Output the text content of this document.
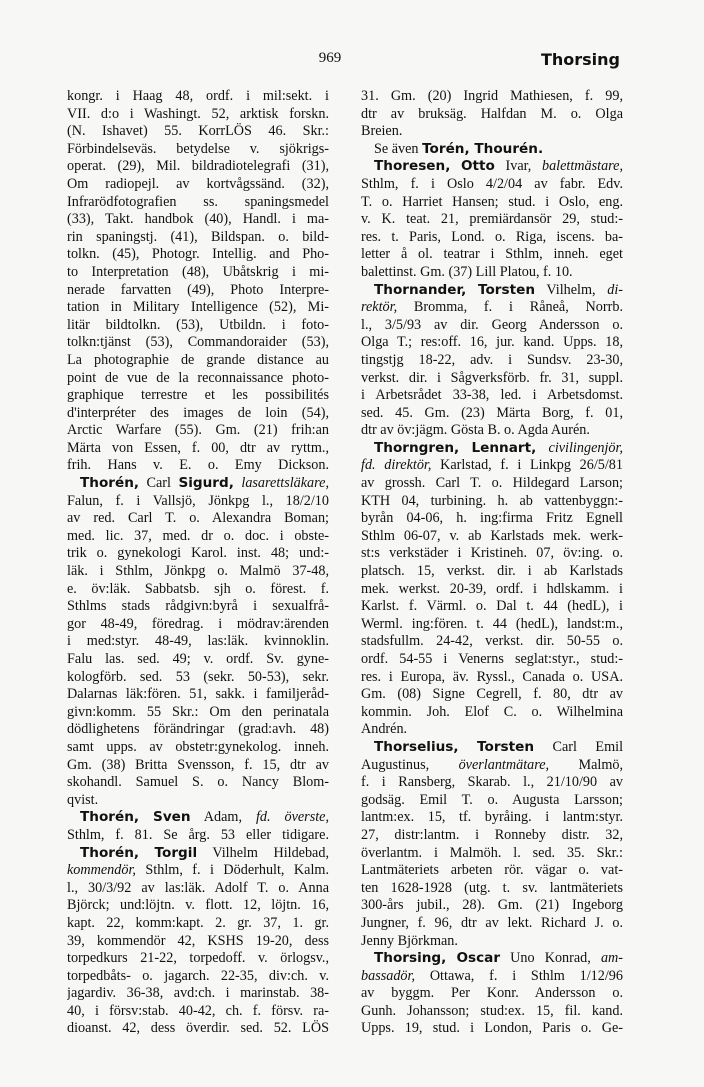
969	Thorsing
kongr. i Haag 48, ordf. i mil:sekt. i
VII. d:o i Washingt. 52, arktisk forskn.
(N. Ishavet) 55. KorrLÖS 46. Skr.:
Förbindelseväs. betydelse v. sjökrigs-
operat. (29), Mil. bildradiotelegrafi (31),
Om radiopejl. av kortvågssänd. (32),
Infrarödfotografien ss. spaningsmedel
(33), Takt. handbok (40), Handl. i ma-
rin spaningstj. (41), Bildspan. o. bild-
tolkn. (45), Photogr. Intellig. and Pho-
to Interpretation (48), Ubåtskrig i mi-
nerade farvatten (49), Photo Interpre-
tation in Military Intelligence (52), Mi-
litär bildtolkn. (53), Utbildn. i foto-
tolkn:tjänst (53), Commandoraider (53),
La photographie de grande distance au
point de vue de la reconnaissance photo-
graphique terrestre et les possibilités
d'interpréter des images de loin (54),
Arctic Warfare (55). Gm. (21) frih:an
Märta von Essen, f. 00, dtr av ryttm.,
frih. Hans v. E. o. Emy Dickson.
Thorén, Carl Sigurd, lasarettsläkare,
Falun, f. i Vallsjö, Jönkpg l., 18/2/10
av red. Carl T. o. Alexandra Boman;
med. lic. 37, med. dr o. doc. i obste-
trik o. gynekologi Karol. inst. 48; und:-
läk. i Sthlm, Jönkpg o. Malmö 37-48,
e. öv:läk. Sabbatsb. sjh o. förest. f.
Sthlms stads rådgivn:byrå i sexualfrå-
gor 48-49, föredrag. i mödrav:ärenden
i med:styr. 48-49, las:läk. kvinnoklin.
Falu las. sed. 49; v. ordf. Sv. gyne-
kologförb. sed. 53 (sekr. 50-53), sekr.
Dalarnas läk:fören. 51, sakk. i familjeråd-
givn:komm. 55 Skr.: Om den perinatala
dödlighetens förändringar (grad:avh. 48)
samt upps. av obstetr:gynekolog. inneh.
Gm. (38) Britta Svensson, f. 15, dtr av
skohandl. Samuel S. o. Nancy Blom-
qvist.
Thorén, Sven Adam, fd. överste,
Sthlm, f. 81. Se årg. 53 eller tidigare.
Thorén, Torgil Vilhelm Hildebad,
kommendör, Sthlm, f. i Döderhult, Kalm.
l., 30/3/92 av las:läk. Adolf T. o. Anna
Björck; und:löjtn. v. flott. 12, löjtn. 16,
kapt. 22, komm:kapt. 2. gr. 37, 1. gr.
39, kommendör 42, KSHS 19-20, dess
torpedkurs 21-22, torpedoff. v. örlogsv.,
torpedbåts- o. jagarch. 22-35, div:ch. v.
jagardiv. 36-38, avd:ch. i marinstab. 38-
40, i försv:stab. 40-42, ch. f. försv. ra-
dioanst. 42, dess överdir. sed. 52. LÖS
31. Gm. (20) Ingrid Mathiesen, f. 99,
dtr av bruksäg. Halfdan M. o. Olga
Breien.
Se även Torén, Thourén.
Thoresen, Otto Ivar, balettmästare,
Sthlm, f. i Oslo 4/2/04 av fabr. Edv.
T. o. Harriet Hansen; stud. i Oslo, eng.
v. K. teat. 21, premiärdansör 29, stud:-
res. t. Paris, Lond. o. Riga, iscens. ba-
letter å ol. teatrar i Sthlm, inneh. eget
balettinst. Gm. (37) Lill Platou, f. 10.
Thornander, Torsten Vilhelm, di-
rektör, Bromma, f. i Råneå, Norrb.
l., 3/5/93 av dir. Georg Andersson o.
Olga T.; res:off. 16, jur. kand. Upps. 18,
tingstjg 18-22, adv. i Sundsv. 23-30,
verkst. dir. i Sågverksförb. fr. 31, suppl.
i Arbetsrådet 33-38, led. i Arbetsdomst.
sed. 45. Gm. (23) Märta Borg, f. 01,
dtr av öv:jägm. Gösta B. o. Agda Aurén.
Thorngren, Lennart, civilingenjör,
fd. direktör, Karlstad, f. i Linkpg 26/5/81
av grossh. Carl T. o. Hildegard Larson;
KTH 04, turbining. h. ab vattenbyggn:-
byrån 04-06, h. ing:firma Fritz Egnell
Sthlm 06-07, v. ab Karlstads mek. werk-
st:s verkstäder i Kristineh. 07, öv:ing. o.
platsch. 15, verkst. dir. i ab Karlstads
mek. werkst. 20-39, ordf. i hdlskamm. i
Karlst. f. Värml. o. Dal t. 44 (hedL), i
Werml. ing:fören. t. 44 (hedL), landst:m.,
stadsfullm. 24-42, verkst. dir. 50-55 o.
ordf. 54-55 i Venerns seglat:styr., stud:-
res. i Europa, äv. Ryssl., Canada o. USA.
Gm. (08) Signe Cegrell, f. 80, dtr av
kommin. Joh. Elof C. o. Wilhelmina
Andrén.
Thorselius, Torsten Carl Emil
Augustinus, överlantmätare, Malmö,
f. i Ransberg, Skarab. l., 21/10/90 av
godsäg. Emil T. o. Augusta Larsson;
lantm:ex. 15, tf. byråing. i lantm:styr.
27, distr:lantm. i Ronneby distr. 32,
överlantm. i Malmöh. l. sed. 35. Skr.:
Lantmäteriets arbeten rör. vägar o. vat-
ten 1628-1928 (utg. t. sv. lantmäteriets
300-års jubil., 28). Gm. (21) Ingeborg
Jungner, f. 96, dtr av lekt. Richard J. o.
Jenny Björkman.
Thorsing, Oscar Uno Konrad, am-
bassadör, Ottawa, f. i Sthlm 1/12/96
av byggm. Per Konr. Andersson o.
Gunh. Johansson; stud:ex. 15, fil. kand.
Upps. 19, stud. i London, Paris o. Ge-
